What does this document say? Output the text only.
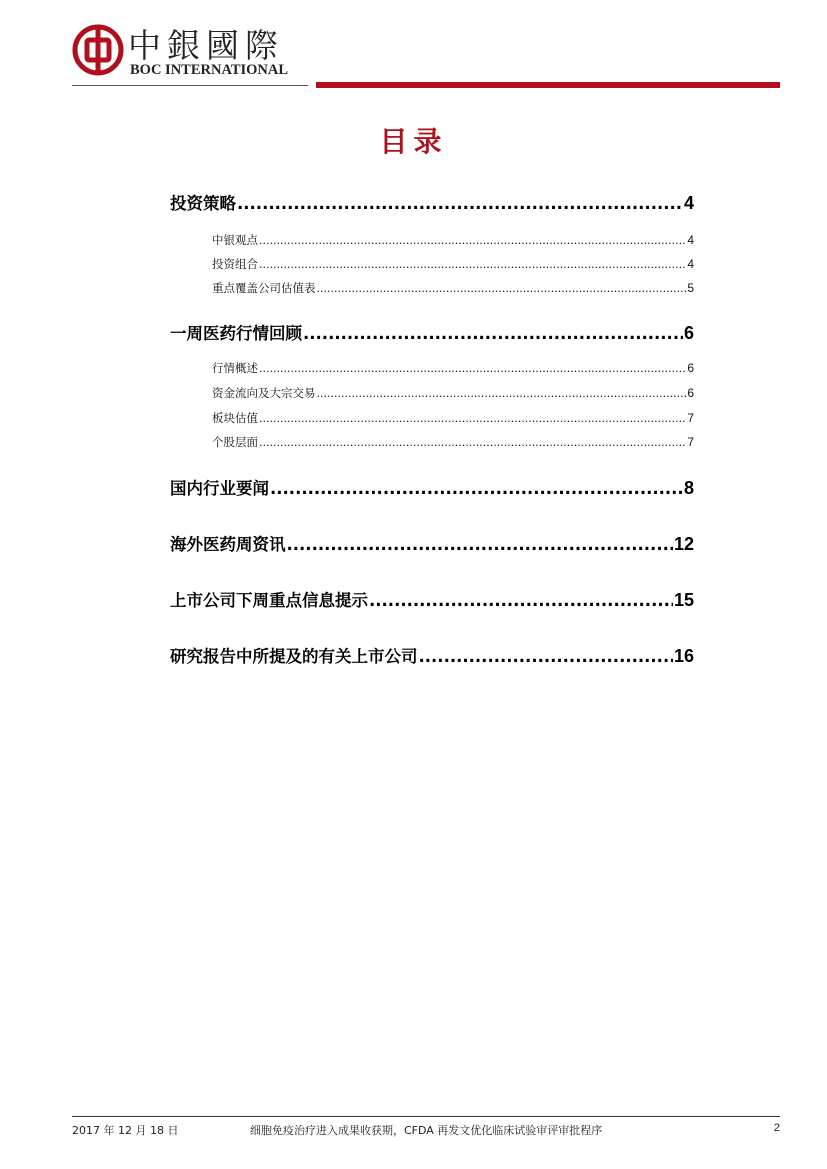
中銀國際
BOC INTERNATIONAL
目录
投资策略 .....	4
中银观点 .....	4
投资组合 .....	4
重点覆盖公司估值表 .....	5
一周医药行情回顾 .....	6
行情概述 .....	6
资金流向及大宗交易 .....	6
板块估值 .....	7
个股层面 .....	7
国内行业要闻 .....	8
海外医药周资讯 .....	12
上市公司下周重点信息提示 .....	15
研究报告中所提及的有关上市公司 .....	16
2017 年 12 月 18 日	细胞免疫治疗进入成果收获期，CFDA 再发文优化临床试验审评审批程序	2
